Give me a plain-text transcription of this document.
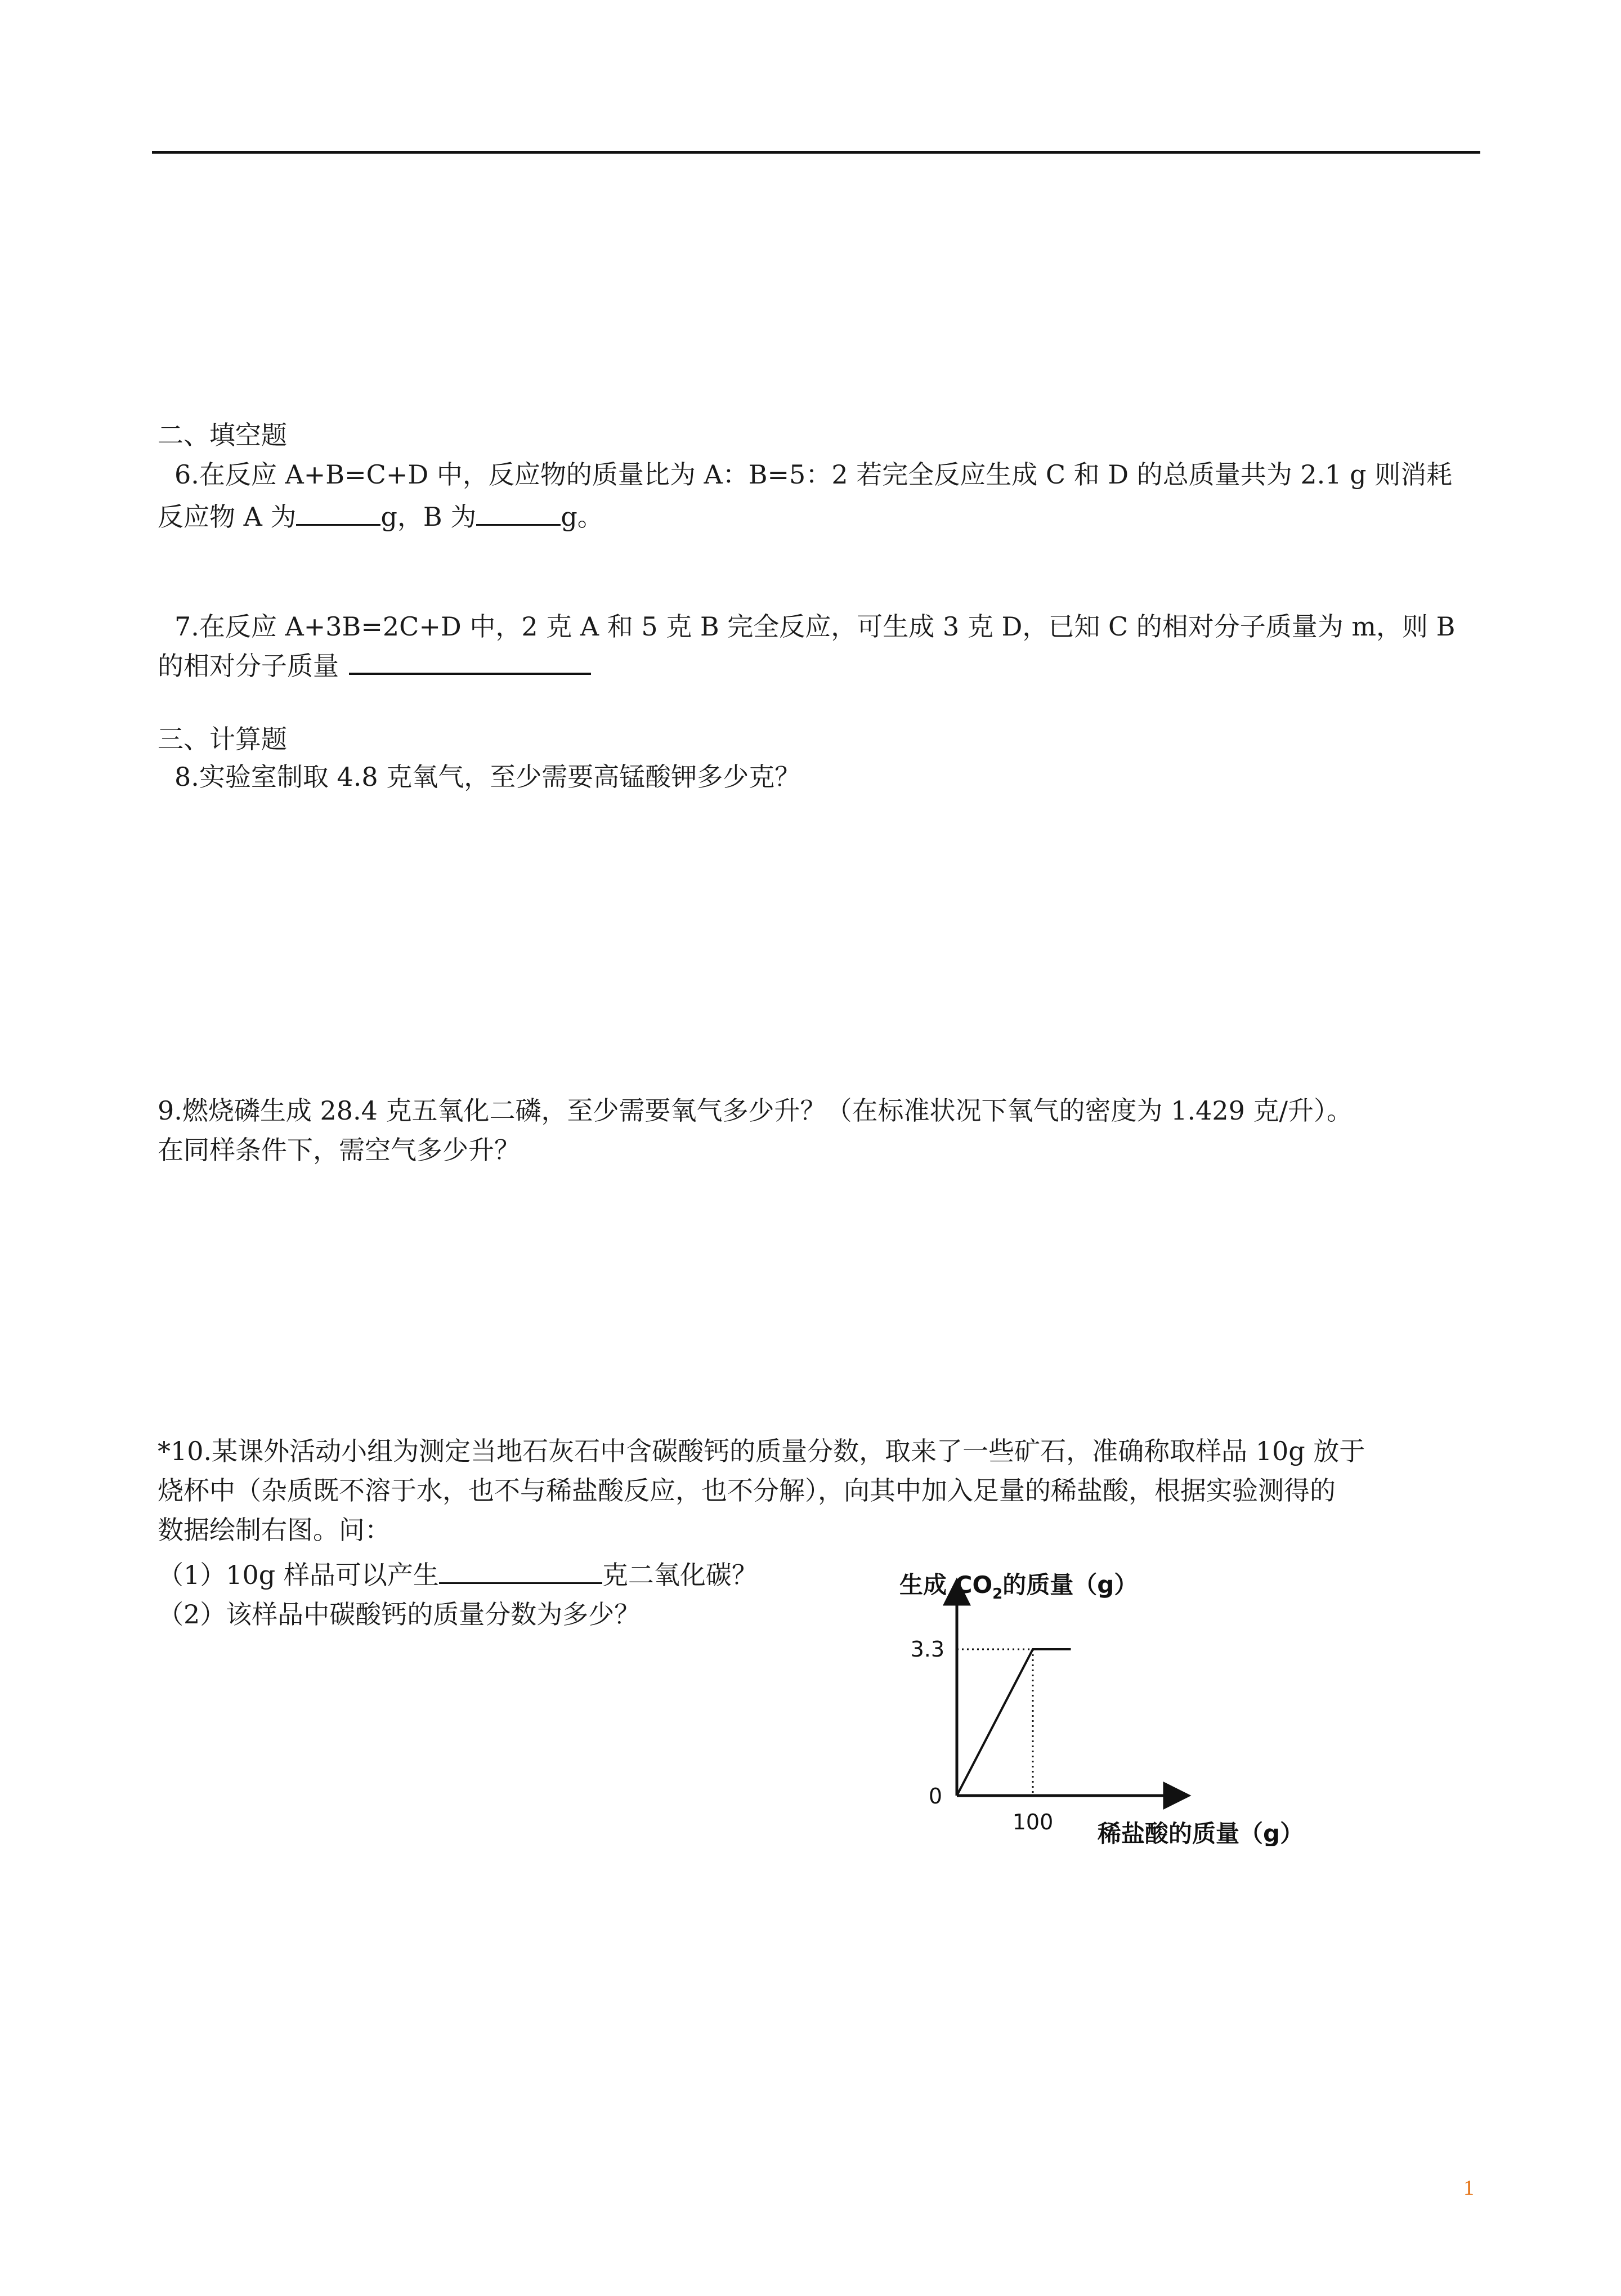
二、填空题
6.在反应 A+B=C+D 中，反应物的质量比为 A：B=5：2 若完全反应生成 C 和 D 的总质量共为 2.1 g 则消耗
反应物 A 为	g，B 为	g。
7.在反应 A+3B=2C+D 中，2 克 A 和 5 克 B 完全反应，可生成 3 克 D，已知 C 的相对分子质量为 m，则 B
的相对分子质量
三、计算题
8.实验室制取 4.8 克氧气，至少需要高锰酸钾多少克？
9.燃烧磷生成 28.4 克五氧化二磷，至少需要氧气多少升？（在标准状况下氧气的密度为 1.429 克/升）。
在同样条件下，需空气多少升？
*10.某课外活动小组为测定当地石灰石中含碳酸钙的质量分数，取来了一些矿石，准确称取样品 10g 放于
烧杯中（杂质既不溶于水，也不与稀盐酸反应，也不分解），向其中加入足量的稀盐酸，根据实验测得的
数据绘制右图。问：
（1）10g 样品可以产生	克二氧化碳？
（2）该样品中碳酸钙的质量分数为多少？
生成 $CO_2$的质量（g）
3.3
0
100 稀盐酸的质量（g）
1
